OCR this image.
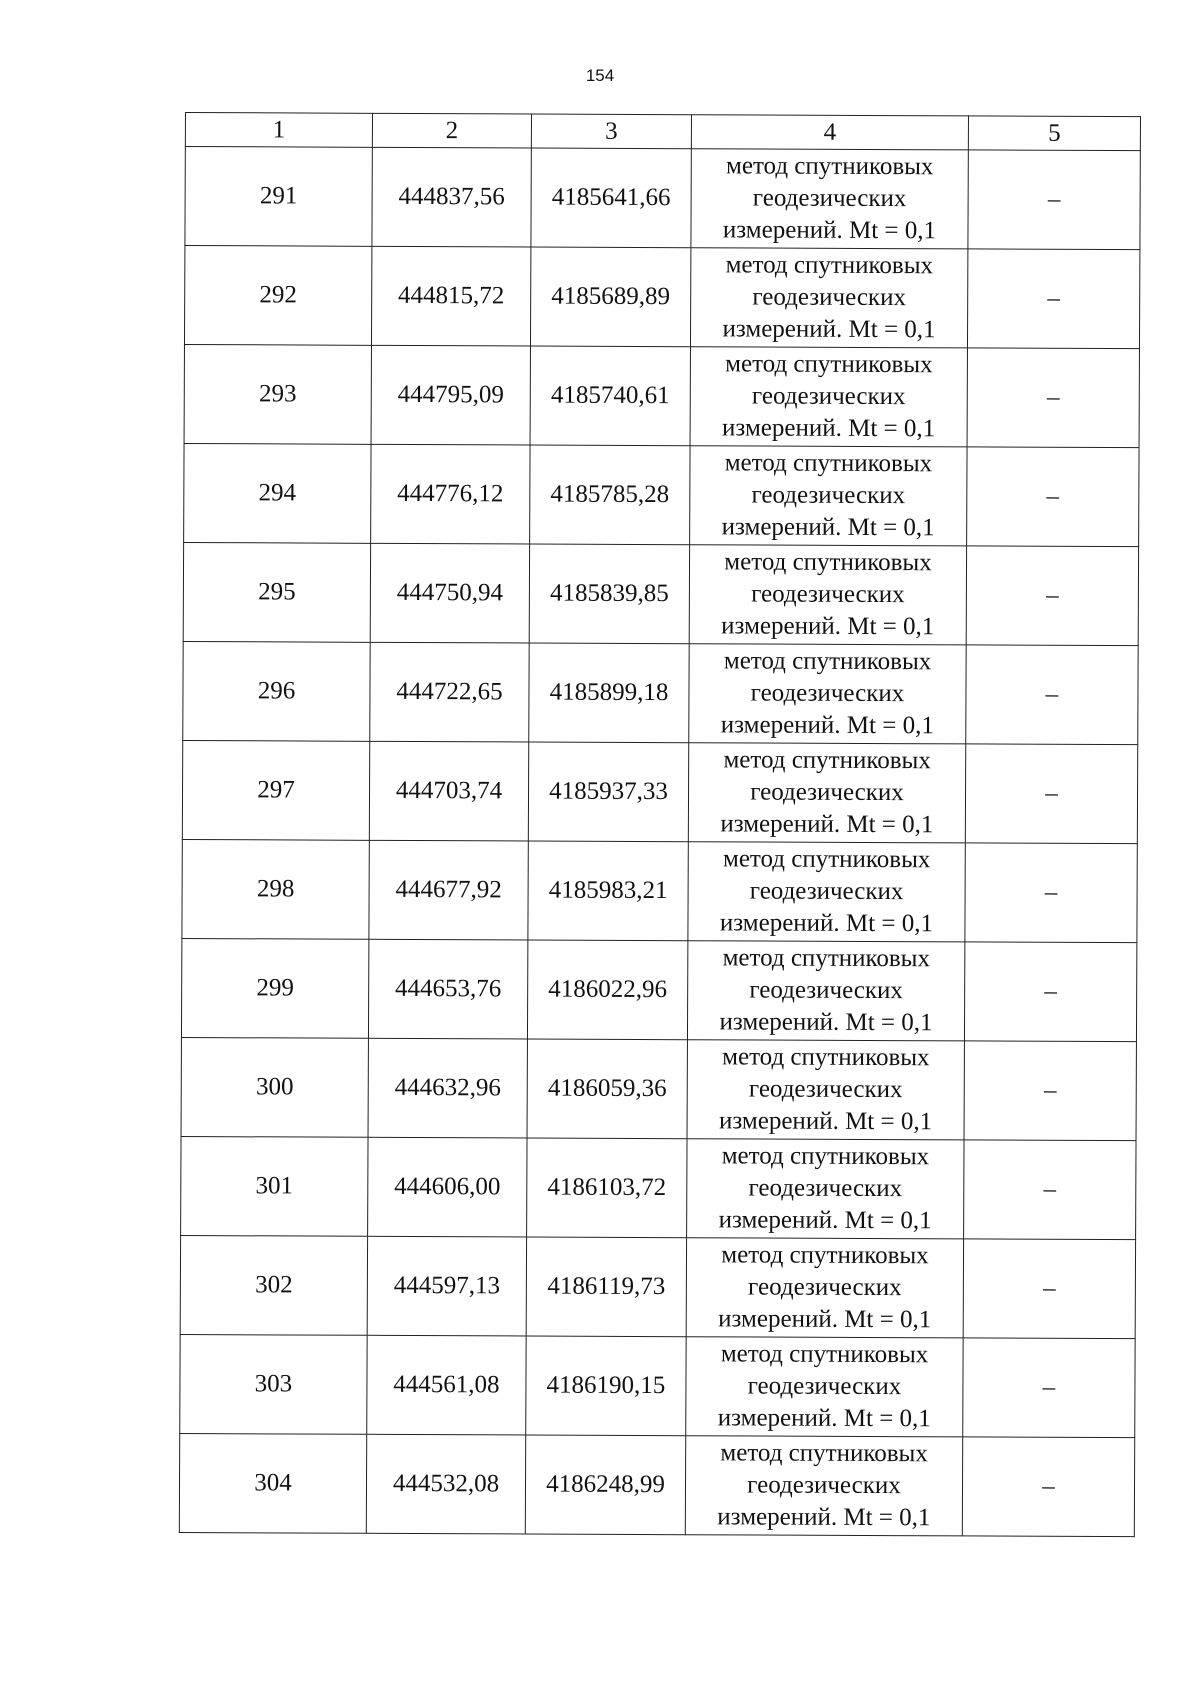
154
1	2	3	4	5
291	444837,56	4185641,66	метод спутниковых геодезических измерений. Mt = 0,1	–
292	444815,72	4185689,89	метод спутниковых геодезических измерений. Mt = 0,1	–
293	444795,09	4185740,61	метод спутниковых геодезических измерений. Mt = 0,1	–
294	444776,12	4185785,28	метод спутниковых геодезических измерений. Mt = 0,1	–
295	444750,94	4185839,85	метод спутниковых геодезических измерений. Mt = 0,1	–
296	444722,65	4185899,18	метод спутниковых геодезических измерений. Mt = 0,1	–
297	444703,74	4185937,33	метод спутниковых геодезических измерений. Mt = 0,1	–
298	444677,92	4185983,21	метод спутниковых геодезических измерений. Mt = 0,1	–
299	444653,76	4186022,96	метод спутниковых геодезических измерений. Mt = 0,1	–
300	444632,96	4186059,36	метод спутниковых геодезических измерений. Mt = 0,1	–
301	444606,00	4186103,72	метод спутниковых геодезических измерений. Mt = 0,1	–
302	444597,13	4186119,73	метод спутниковых геодезических измерений. Mt = 0,1	–
303	444561,08	4186190,15	метод спутниковых геодезических измерений. Mt = 0,1	–
304	444532,08	4186248,99	метод спутниковых геодезических измерений. Mt = 0,1	–
